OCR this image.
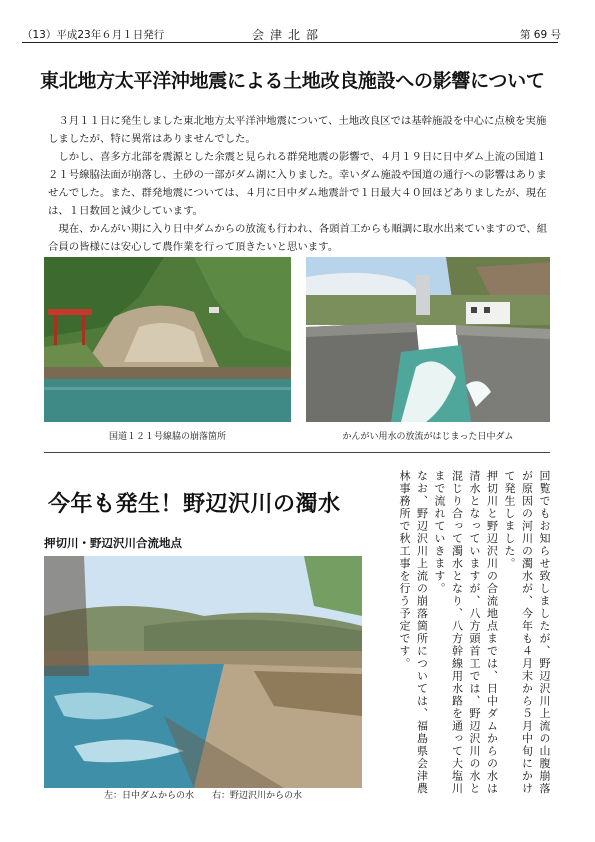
（13）平成23年６月１日発行	会津北部	第 69 号
東北地方太平洋沖地震による土地改良施設への影響について

３月１１日に発生しました東北地方太平洋沖地震について、土地改良区では基幹施設を中心に点検を実施しましたが、特に異常はありませんでした。

しかし、喜多方北部を震源とした余震と見られる群発地震の影響で、４月１９日に日中ダム上流の国道１２１号線脇法面が崩落し、土砂の一部がダム湖に入りました。幸いダム施設や国道の通行への影響はありませんでした。また、群発地震については、４月に日中ダム地震計で１日最大４０回ほどありましたが、現在は、１日数回と減少しています。

現在、かんがい期に入り日中ダムからの放流も行われ、各頭首工からも順調に取水出来ていますので、組合員の皆様には安心して農作業を行って頂きたいと思います。

国道１２１号線脇の崩落箇所	かんがい用水の放流がはじまった日中ダム
今年も発生！野辺沢川の濁水
押切川・野辺沢川合流地点
左：日中ダムからの水　　右：野辺沢川からの水

回覧でもお知らせ致しましたが、野辺沢川上流の山腹崩落が原因の河川の濁水が、今年も４月末から５月中旬にかけて発生しました。

押切川と野辺沢川の合流地点までは、日中ダムからの水は清水となっていますが、八方頭首工では、野辺沢川の水と混じり合って濁水となり、八方幹線用水路を通って大塩川まで流れていきます。

なお、野辺沢川上流の崩落箇所については、福島県会津農林事務所で秋工事を行う予定です。
